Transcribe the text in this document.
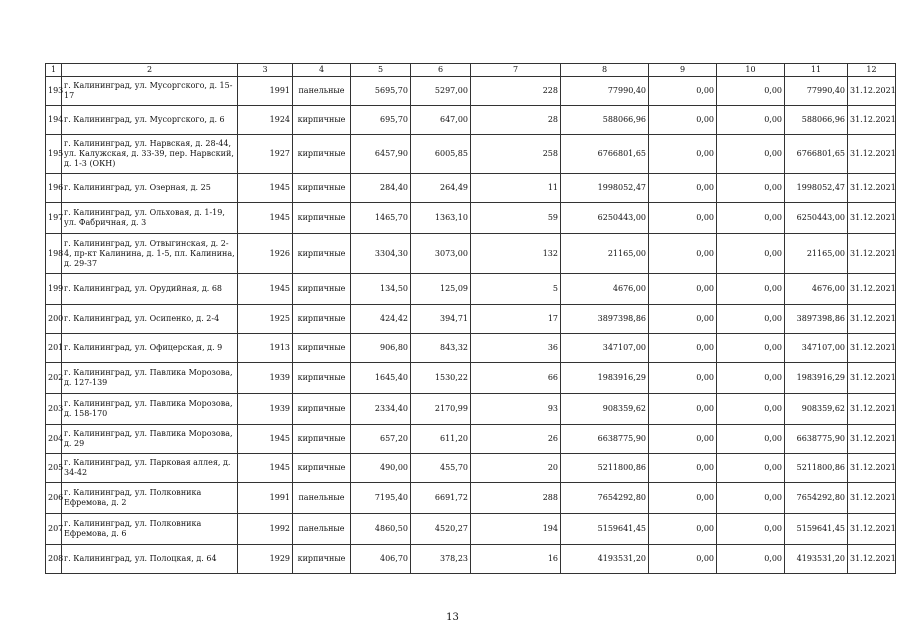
1	2	3	4	5	6	7	8	9	10	11	12
193	г. Калининград, ул. Мусоргского, д. 15-17	1991	панельные	5695,70	5297,00	228	77990,40	0,00	0,00	77990,40	31.12.2021
194	г. Калининград, ул. Мусоргского, д. 6	1924	кирпичные	695,70	647,00	28	588066,96	0,00	0,00	588066,96	31.12.2021
195	г. Калининград, ул. Нарвская, д. 28-44, ул. Калужская, д. 33-39, пер. Нарвский, д. 1-3 (ОКН)	1927	кирпичные	6457,90	6005,85	258	6766801,65	0,00	0,00	6766801,65	31.12.2021
196	г. Калининград, ул. Озерная, д. 25	1945	кирпичные	284,40	264,49	11	1998052,47	0,00	0,00	1998052,47	31.12.2021
197	г. Калининград, ул. Ольховая, д. 1-19, ул. Фабричная, д. 3	1945	кирпичные	1465,70	1363,10	59	6250443,00	0,00	0,00	6250443,00	31.12.2021
198	г. Калининград, ул. Отвыгинская, д. 2-4, пр-кт Калинина, д. 1-5, пл. Калинина, д. 29-37	1926	кирпичные	3304,30	3073,00	132	21165,00	0,00	0,00	21165,00	31.12.2021
199	г. Калининград, ул. Орудийная, д. 68	1945	кирпичные	134,50	125,09	5	4676,00	0,00	0,00	4676,00	31.12.2021
200	г. Калининград, ул. Осипенко, д. 2-4	1925	кирпичные	424,42	394,71	17	3897398,86	0,00	0,00	3897398,86	31.12.2021
201	г. Калининград, ул. Офицерская, д. 9	1913	кирпичные	906,80	843,32	36	347107,00	0,00	0,00	347107,00	31.12.2021
202	г. Калининград, ул. Павлика Морозова, д. 127-139	1939	кирпичные	1645,40	1530,22	66	1983916,29	0,00	0,00	1983916,29	31.12.2021
203	г. Калининград, ул. Павлика Морозова, д. 158-170	1939	кирпичные	2334,40	2170,99	93	908359,62	0,00	0,00	908359,62	31.12.2021
204	г. Калининград, ул. Павлика Морозова, д. 29	1945	кирпичные	657,20	611,20	26	6638775,90	0,00	0,00	6638775,90	31.12.2021
205	г. Калининград, ул. Парковая аллея, д. 34-42	1945	кирпичные	490,00	455,70	20	5211800,86	0,00	0,00	5211800,86	31.12.2021
206	г. Калининград, ул. Полковника Ефремова, д. 2	1991	панельные	7195,40	6691,72	288	7654292,80	0,00	0,00	7654292,80	31.12.2021
207	г. Калининград, ул. Полковника Ефремова, д. 6	1992	панельные	4860,50	4520,27	194	5159641,45	0,00	0,00	5159641,45	31.12.2021
208	г. Калининград, ул. Полоцкая, д. 64	1929	кирпичные	406,70	378,23	16	4193531,20	0,00	0,00	4193531,20	31.12.2021
13
